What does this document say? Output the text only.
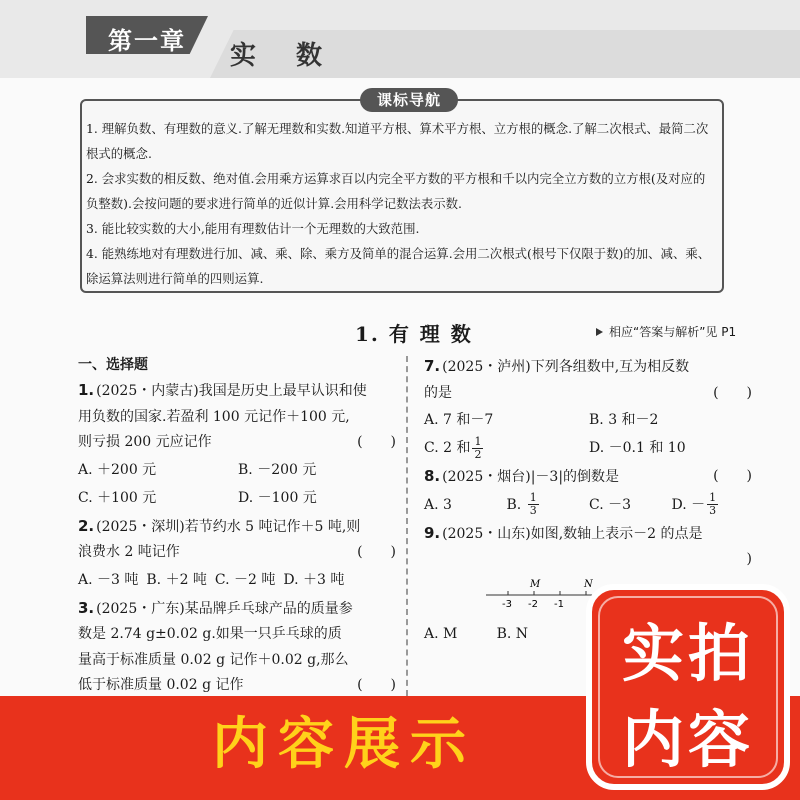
第一章 实数
课标导航

1. 理解负数、有理数的意义.了解无理数和实数.知道平方根、算术平方根、立方根的概念.了解二次根式、最简二次根式的概念.

2. 会求实数的相反数、绝对值.会用乘方运算求百以内完全平方数的平方根和千以内完全立方数的立方根(及对应的负整数).会按问题的要求进行简单的近似计算.会用科学记数法表示数.

3. 能比较实数的大小,能用有理数估计一个无理数的大致范围.

4. 能熟练地对有理数进行加、减、乘、除、乘方及简单的混合运算.会用二次根式(根号下仅限于数)的加、减、乘、除运算法则进行简单的四则运算.

1. 有 理 数	相应“答案与解析”见 P1
一、选择题
1. (2025・内蒙古)我国是历史上最早认识和使
用负数的国家.若盈利 100 元记作＋100 元,
则亏损 200 元应记作	(　　)
A. ＋200 元	B. －200 元
C. ＋100 元	D. －100 元
2. (2025・深圳)若节约水 5 吨记作＋5 吨,则
浪费水 2 吨记作	(　　)
A. －3 吨 B. ＋2 吨 C. －2 吨 D. ＋3 吨
3. (2025・广东)某品牌乒乓球产品的质量参
数是 2.74 g±0.02 g.如果一只乒乓球的质
量高于标准质量 0.02 g 记作＋0.02 g,那么
低于标准质量 0.02 g 记作	(　　)
7. (2025・泸州)下列各组数中,互为相反数
的是	(　　)
A. 7 和－7	B. 3 和－2
C. 2 和 $\frac{1}{2}$	D. －0.1 和 10
8. (2025・烟台)|－3|的倒数是	(　　)
A. 3	B. $\frac{1}{3}$	C. －3	D. － $\frac{1}{3}$
9. (2025・山东)如图,数轴上表示－2 的点是
)

-3 -2 -1
M	N
A. M	B. N
内容展示
实拍
内容
